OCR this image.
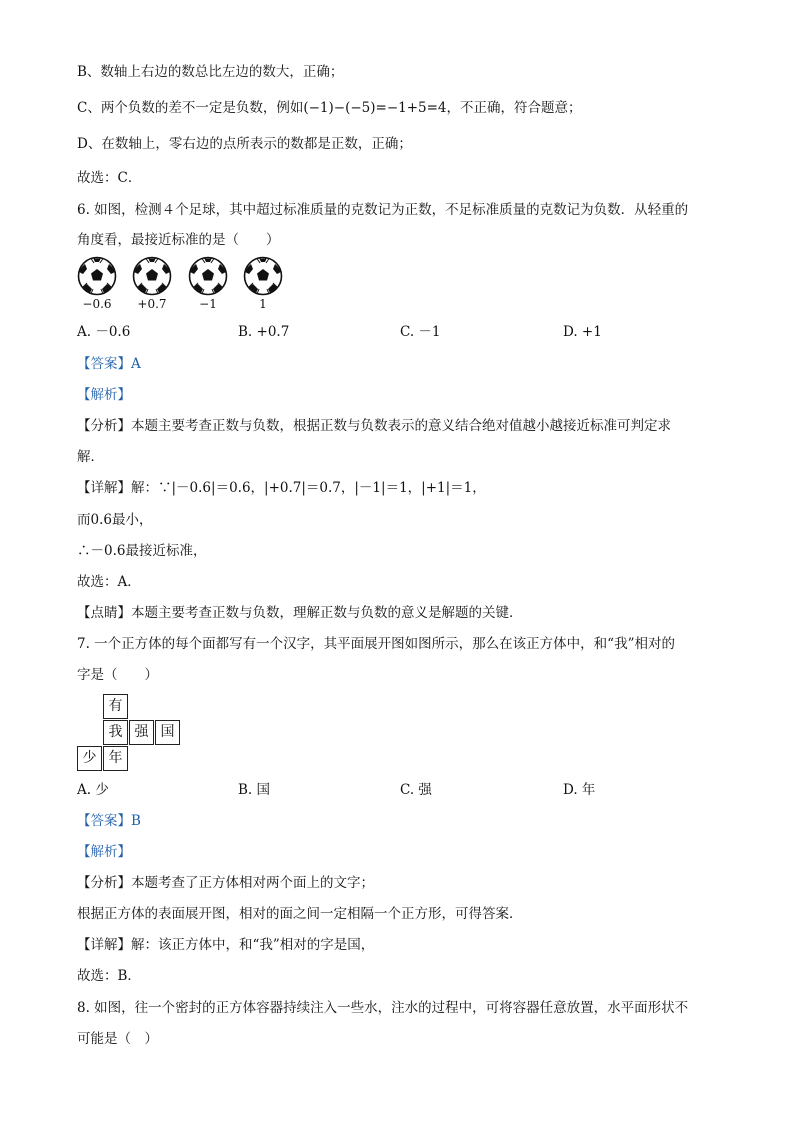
B、数轴上右边的数总比左边的数大，正确；
C、两个负数的差不一定是负数，例如(−1)−(−5)=−1+5=4，不正确，符合题意；
D、在数轴上，零右边的点所表示的数都是正数，正确；
故选：C．
6. 如图，检测４个足球，其中超过标准质量的克数记为正数，不足标准质量的克数记为负数．从轻重的
角度看，最接近标准的是（　　）
−0.6	+0.7	−1	1
A. －0.6	B. +0.7	C. －1	D. +1
【答案】A
【解析】
【分析】本题主要考查正数与负数，根据正数与负数表示的意义结合绝对值越小越接近标准可判定求
解．
【详解】解：∵|－0.6|＝0.6，|+0.7|＝0.7，|－1|＝1，|+1|＝1，
而0.6最小，
∴－0.6最接近标准，
故选：A．
【点睛】本题主要考查正数与负数，理解正数与负数的意义是解题的关键．
7. 一个正方体的每个面都写有一个汉字，其平面展开图如图所示，那么在该正方体中，和“我”相对的
字是（　　）
有
我 强 国
少 年
A. 少	B. 国	C. 强	D. 年
【答案】B
【解析】
【分析】本题考查了正方体相对两个面上的文字；
根据正方体的表面展开图，相对的面之间一定相隔一个正方形，可得答案．
【详解】解：该正方体中，和“我”相对的字是国，
故选：B．
8. 如图，往一个密封的正方体容器持续注入一些水，注水的过程中，可将容器任意放置，水平面形状不
可能是（　）
